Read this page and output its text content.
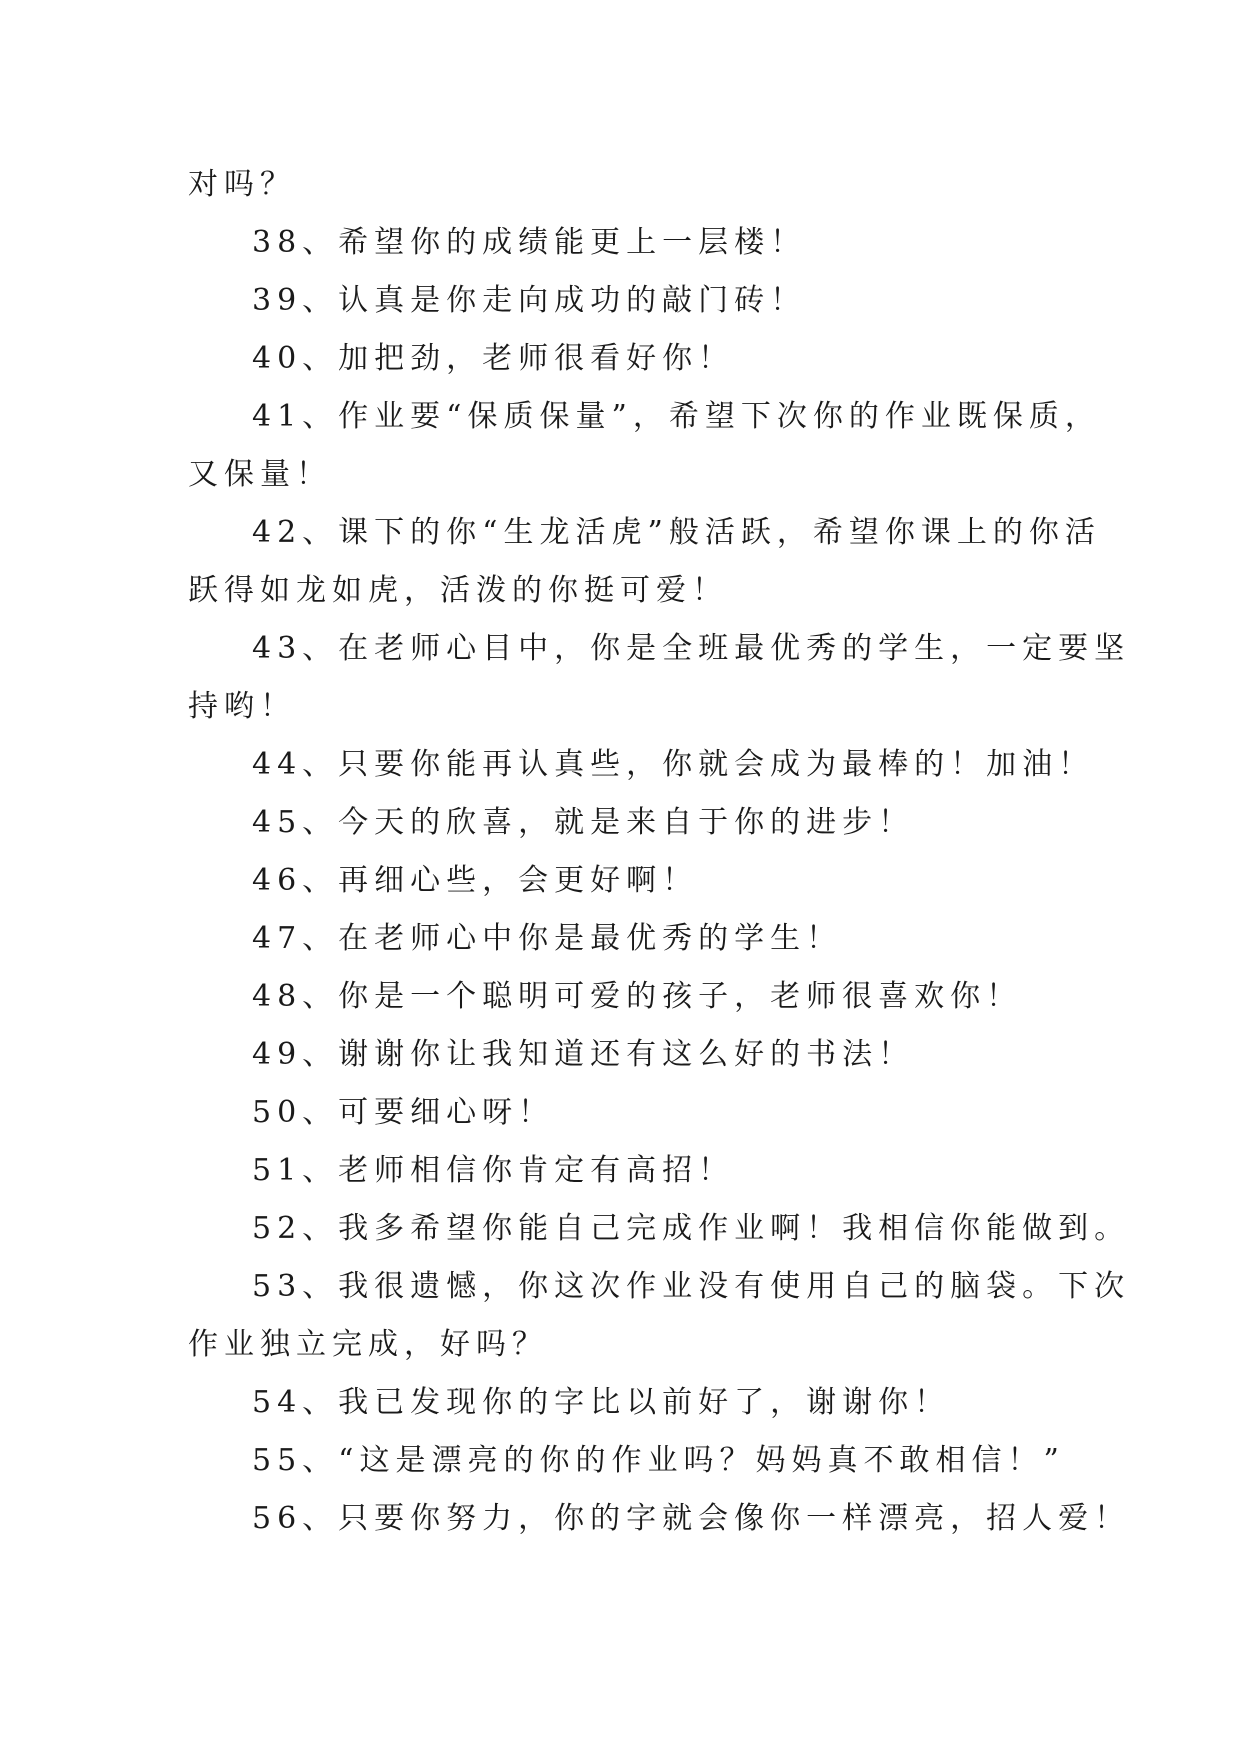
对吗？
38、希望你的成绩能更上一层楼！
39、认真是你走向成功的敲门砖！
40、加把劲，老师很看好你！
41、作业要“保质保量”，希望下次你的作业既保质，
又保量！
42、课下的你“生龙活虎”般活跃，希望你课上的你活
跃得如龙如虎，活泼的你挺可爱！
43、在老师心目中，你是全班最优秀的学生，一定要坚
持哟！
44、只要你能再认真些，你就会成为最棒的！加油！
45、今天的欣喜，就是来自于你的进步！
46、再细心些，会更好啊！
47、在老师心中你是最优秀的学生！
48、你是一个聪明可爱的孩子，老师很喜欢你！
49、谢谢你让我知道还有这么好的书法！
50、可要细心呀！
51、老师相信你肯定有高招！
52、我多希望你能自己完成作业啊！我相信你能做到。
53、我很遗憾，你这次作业没有使用自己的脑袋。下次
作业独立完成，好吗？
54、我已发现你的字比以前好了，谢谢你！
55、“这是漂亮的你的作业吗？妈妈真不敢相信！”
56、只要你努力，你的字就会像你一样漂亮，招人爱！
